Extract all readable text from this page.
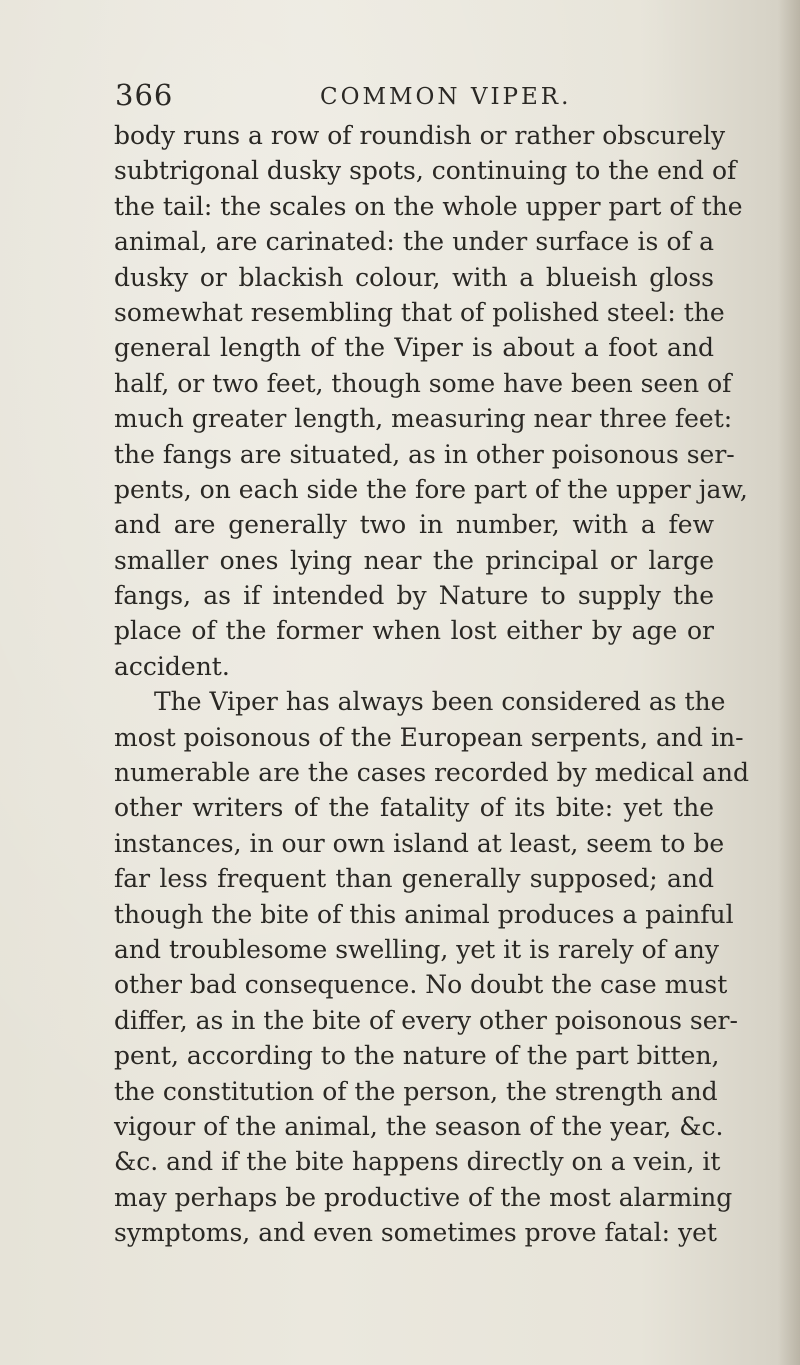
366	COMMON VIPER.
body runs a row of roundish or rather obscurely
subtrigonal dusky spots, continuing to the end of
the tail: the scales on the whole upper part of the
animal, are carinated: the under surface is of a
dusky or blackish colour, with a blueish gloss
somewhat resembling that of polished steel: the
general length of the Viper is about a foot and
half, or two feet, though some have been seen of
much greater length, measuring near three feet:
the fangs are situated, as in other poisonous ser-
pents, on each side the fore part of the upper jaw,
and are generally two in number, with a few
smaller ones lying near the principal or large
fangs, as if intended by Nature to supply the
place of the former when lost either by age or
accident.
The Viper has always been considered as the
most poisonous of the European serpents, and in-
numerable are the cases recorded by medical and
other writers of the fatality of its bite: yet the
instances, in our own island at least, seem to be
far less frequent than generally supposed; and
though the bite of this animal produces a painful
and troublesome swelling, yet it is rarely of any
other bad consequence. No doubt the case must
differ, as in the bite of every other poisonous ser-
pent, according to the nature of the part bitten,
the constitution of the person, the strength and
vigour of the animal, the season of the year, &c.
&c. and if the bite happens directly on a vein, it
may perhaps be productive of the most alarming
symptoms, and even sometimes prove fatal: yet
